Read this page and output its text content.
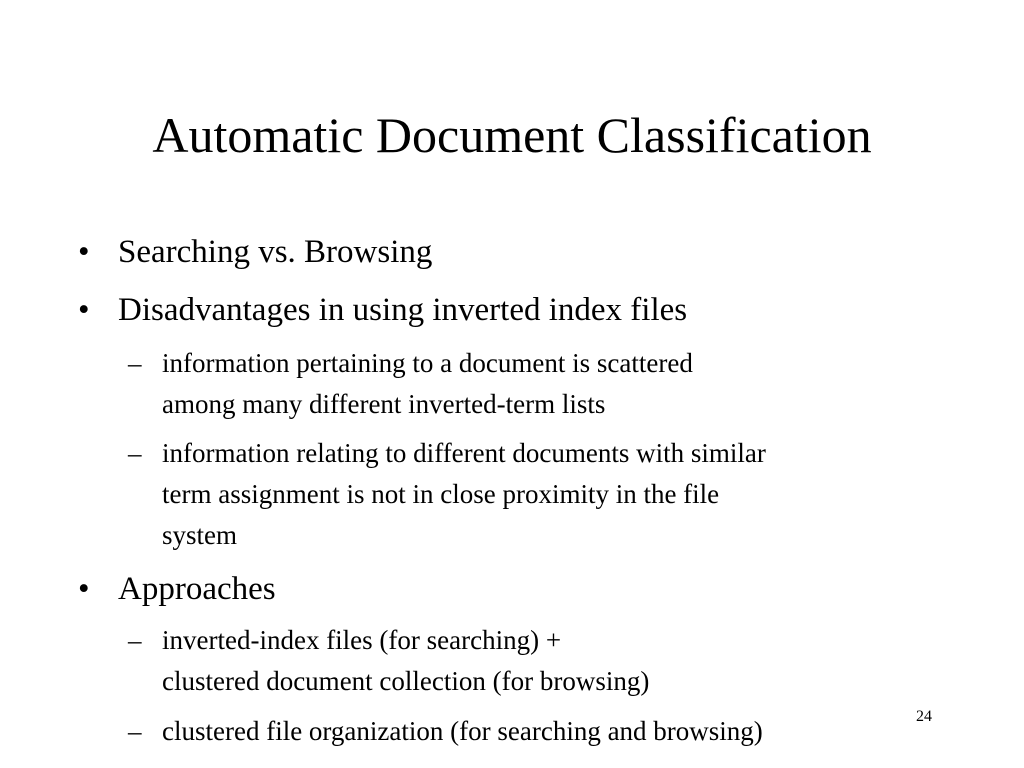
Automatic Document Classification
• Searching vs. Browsing
• Disadvantages in using inverted index files
– information pertaining to a document is scattered
among many different inverted-term lists
– information relating to different documents with similar
term assignment is not in close proximity in the file
system
• Approaches
– inverted-index files (for searching) +
clustered document collection (for browsing)
– clustered file organization (for searching and browsing)	24
